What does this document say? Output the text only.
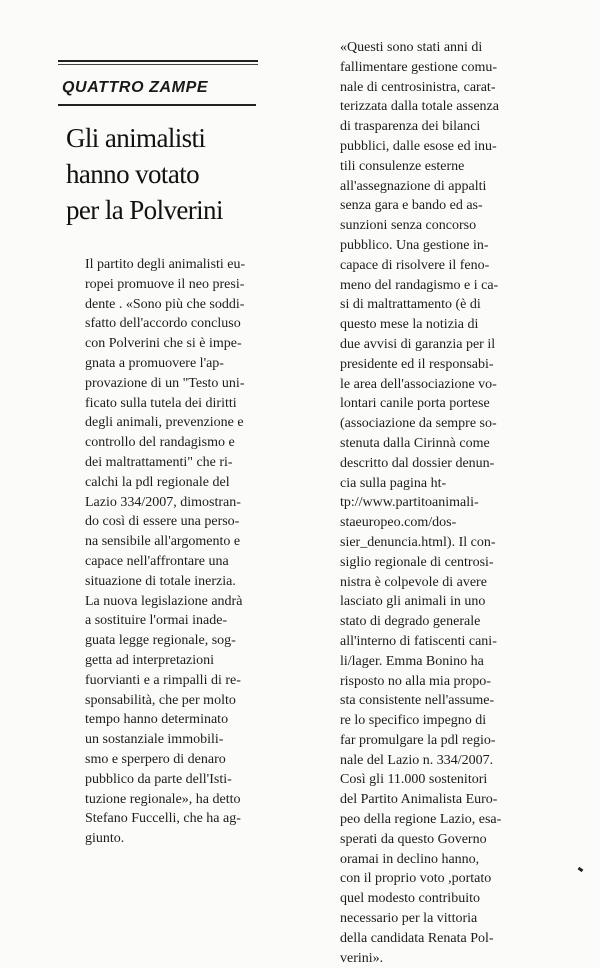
QUATTRO ZAMPE
Gli animalisti
hanno votato
per la Polverini
Il partito degli animalisti eu-
ropei promuove il neo presi-
dente . «Sono più che soddi-
sfatto dell'accordo concluso
con Polverini che si è impe-
gnata a promuovere l'ap-
provazione di un "Testo uni-
ficato sulla tutela dei diritti
degli animali, prevenzione e
controllo del randagismo e
dei maltrattamenti" che ri-
calchi la pdl regionale del
Lazio 334/2007, dimostran-
do così di essere una perso-
na sensibile all'argomento e
capace nell'affrontare una
situazione di totale inerzia.
La nuova legislazione andrà
a sostituire l'ormai inade-
guata legge regionale, sog-
getta ad interpretazioni
fuorvianti e a rimpalli di re-
sponsabilità, che per molto
tempo hanno determinato
un sostanziale immobili-
smo e sperpero di denaro
pubblico da parte dell'Isti-
tuzione regionale», ha detto
Stefano Fuccelli, che ha ag-
giunto.
«Questi sono stati anni di
fallimentare gestione comu-
nale di centrosinistra, carat-
terizzata dalla totale assenza
di trasparenza dei bilanci
pubblici, dalle esose ed inu-
tili consulenze esterne
all'assegnazione di appalti
senza gara e bando ed as-
sunzioni senza concorso
pubblico. Una gestione in-
capace di risolvere il feno-
meno del randagismo e i ca-
si di maltrattamento (è di
questo mese la notizia di
due avvisi di garanzia per il
presidente ed il responsabi-
le area dell'associazione vo-
lontari canile porta portese
(associazione da sempre so-
stenuta dalla Cirinnà come
descritto dal dossier denun-
cia sulla pagina ht-
tp://www.partitoanimali-
staeuropeo.com/dos-
sier_denuncia.html). Il con-
siglio regionale di centrosi-
nistra è colpevole di avere
lasciato gli animali in uno
stato di degrado generale
all'interno di fatiscenti cani-
li/lager. Emma Bonino ha
risposto no alla mia propo-
sta consistente nell'assume-
re lo specifico impegno di
far promulgare la pdl regio-
nale del Lazio n. 334/2007.
Così gli 11.000 sostenitori
del Partito Animalista Euro-
peo della regione Lazio, esa-
sperati da questo Governo
oramai in declino hanno,
con il proprio voto ,portato
quel modesto contribuito
necessario per la vittoria
della candidata Renata Pol-
verini».
